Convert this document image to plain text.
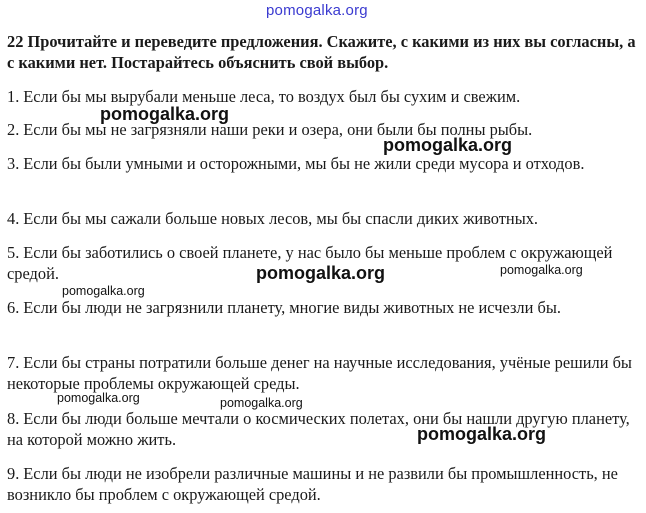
pomogalka.org

22 Прочитайте и переведите предложения. Скажите, с какими из них вы согласны, а с какими нет. Постарайтесь объяснить свой выбор.

1. Если бы мы вырубали меньше леса, то воздух был бы сухим и свежим.

2. Если бы мы не загрязняли наши реки и озера, они были бы полны рыбы.

3. Если бы были умными и осторожными, мы бы не жили среди мусора и отходов.

4. Если бы мы сажали больше новых лесов, мы бы спасли диких животных.

5. Если бы заботились о своей планете, у нас было бы меньше проблем с окружающей средой.

6. Если бы люди не загрязнили планету, многие виды животных не исчезли бы.

7. Если бы страны потратили больше денег на научные исследования, учёные решили бы некоторые проблемы окружающей среды.

8. Если бы люди больше мечтали о космических полетах, они бы нашли другую планету, на которой можно жить.

9. Если бы люди не изобрели различные машины и не развили бы промышленность, не возникло бы проблем с окружающей средой.

pomogalka.org
pomogalka.org
pomogalka.org	pomogalka.org
pomogalka.org
pomogalka.org	pomogalka.org
pomogalka.org
